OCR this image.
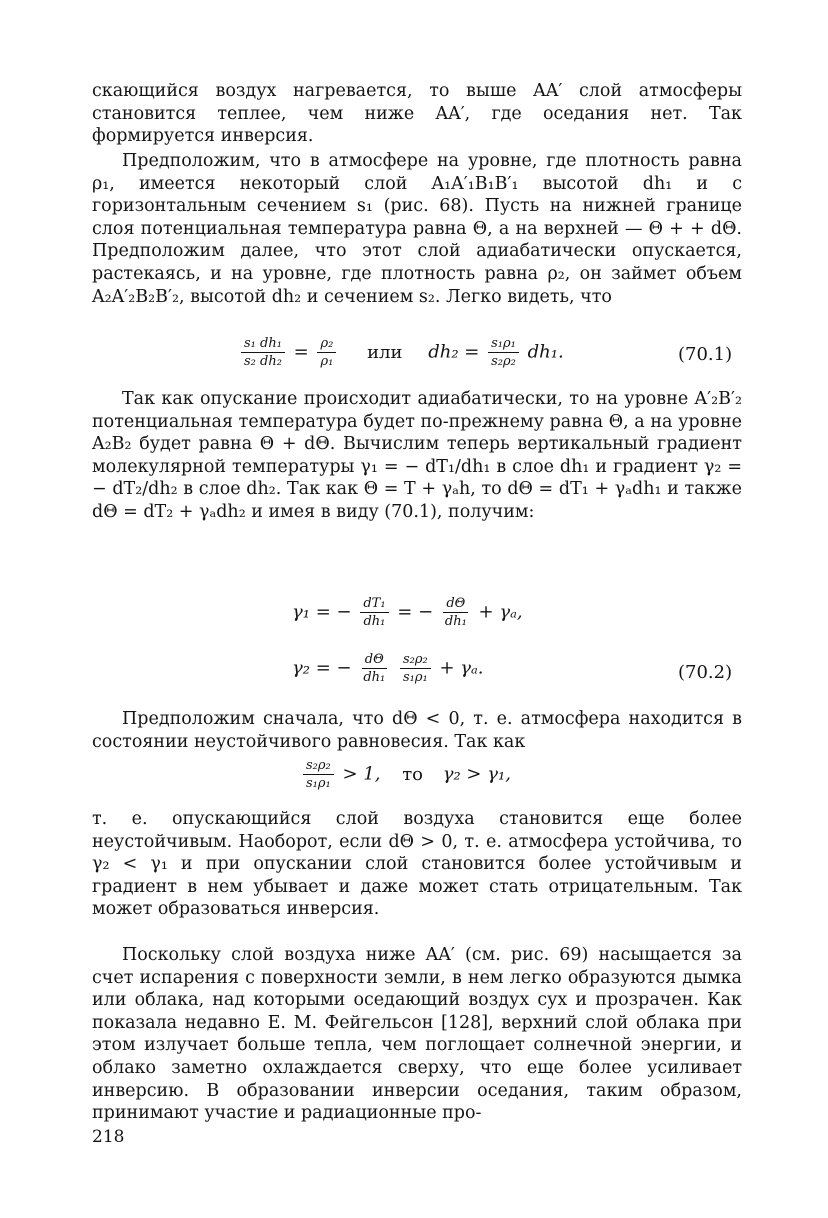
скающийся воздух нагревается, то выше AA′ слой атмосферы становится теплее, чем ниже AA′, где оседания нет. Так формируется инверсия.

Предположим, что в атмосфере на уровне, где плотность равна ρ₁, имеется некоторый слой A₁A′₁B₁B′₁ высотой dh₁ и с горизонтальным сечением s₁ (рис. 68). Пусть на нижней границе слоя потенциальная температура равна Θ, а на верхней — Θ + + dΘ. Предположим далее, что этот слой адиабатически опускается, растекаясь, и на уровне, где плотность равна ρ₂, он займет объем A₂A′₂B₂B′₂, высотой dh₂ и сечением s₂. Легко видеть, что

$\frac{\text{s₁ dh₁}}{\text{s₂ dh₂}} = \frac{\text{ρ₂}}{\text{ρ₁}}$ или $dh_2 = \frac{\text{s₁ρ₁}}{\text{s₂ρ₂}} dh_1$.	(70.1)

Так как опускание происходит адиабатически, то на уровне A′₂B′₂ потенциальная температура будет по-прежнему равна Θ, а на уровне A₂B₂ будет равна Θ + dΘ. Вычислим теперь вертикальный градиент молекулярной температуры γ₁ = − dT₁/dh₁ в слое dh₁ и градиент γ₂ = − dT₂/dh₂ в слое dh₂. Так как Θ = T + γₐh, то dΘ = dT₁ + γₐdh₁ и также dΘ = dT₂ + γₐdh₂ и имея в виду (70.1), получим:

γ₁ = − $\frac{\text{dT₁}}{\text{dh₁}}$ = − $\frac{d\Theta}{\text{dh₁}} + \gamma_a$,
γ₂ = − $\frac{d\Theta}{\text{dh₁}}$
$\frac{\text{s₂ρ₂}}{\text{s₁ρ₁}} + \gamma_a$.	(70.2)

Предположим сначала, что dΘ < 0, т. е. атмосфера находится в состоянии неустойчивого равновесия. Так как

$\frac{\text{s₂ρ₂}}{\text{s₁ρ₁}} > 1$, то γ₂ > γ₁,

т. е. опускающийся слой воздуха становится еще более неустойчивым. Наоборот, если dΘ > 0, т. е. атмосфера устойчива, то γ₂ < γ₁ и при опускании слой становится более устойчивым и градиент в нем убывает и даже может стать отрицательным. Так может образоваться инверсия.

Поскольку слой воздуха ниже AA′ (см. рис. 69) насыщается за счет испарения с поверхности земли, в нем легко образуются дымка или облака, над которыми оседающий воздух сух и прозрачен. Как показала недавно Е. М. Фейгельсон [128], верхний слой облака при этом излучает больше тепла, чем поглощает солнечной энергии, и облако заметно охлаждается сверху, что еще более усиливает инверсию. В образовании инверсии оседания, таким образом, принимают участие и радиационные про-

218
